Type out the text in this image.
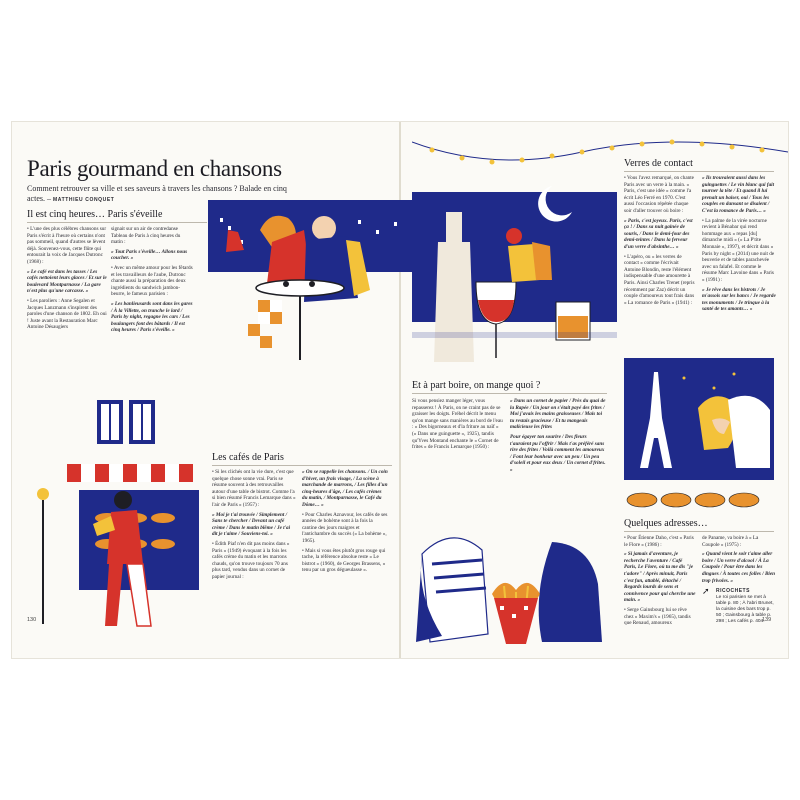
Paris gourmand en chansons
Comment retrouver sa ville et ses saveurs à travers les chansons ? Balade en cinq actes. – MATTHIEU CONQUET
Il est cinq heures… Paris s'éveille

• L'une des plus célèbres chansons sur Paris s'écrit à l'heure où certains n'ont pas sommeil, quand d'autres se lèvent déjà. Souvenez-vous, cette flûte qui entourait la voix de Jacques Dutronc (1968) :

« Le café est dans les tasses / Les cafés nettoient leurs glaces / Et sur le boulevard Montparnasse / La gare n'est plus qu'une carcasse. »

• Les paroliers : Anne Segalen et Jacques Lanzmann s'inspirent des paroles d'une chanson de 1802. Eh oui ! Juste avant la Restauration Marc Antoine Désaugiers

signait sur un air de contredanse Tableau de Paris à cinq heures du matin :

« Tout Paris s'éveille… Allons nous coucher. »

• Avec un même amour pour les fêtards et les travailleurs de l'aube, Dutronc chante aussi la préparation des deux ingrédients du sandwich jambon-beurre, le fameux parisien :

« Les banlieusards sont dans les gares / À la Villette, on tranche le lard / Paris by night, regagne les cars / Les boulangers font des bâtards / Il est cinq heures / Paris s'éveille. »

Les cafés de Paris

• Si les clichés ont la vie dure, c'est que quelque chose sonne vrai. Paris se résume souvent à des retrouvailles autour d'une table de bistrot. Comme l'a si bien résumé Francis Lemarque dans « l'air de Paris » (1957) :

« Moi je t'ai trouvée / Simplement / Sans te chercher / Devant un café crème / Dans le matin blême / Je t'ai dit je t'aime / Souviens-toi. »

• Édith Piaf n'en dit pas moins dans « Paris » (1949) évoquant à la fois les cafés crème du matin et les marrons chauds, qu'on trouve toujours 70 ans plus tard, vendus dans un cornet de papier journal :

« On se rappelle les chansons. / Un coin d'hiver, un frais visage, / La scène à marchande de marrons, / Les filles d'un cinq-heures d'âge, / Les cafés crèmes du matin, / Montparnasse, le Café du Dôme… »

• Pour Charles Aznavour, les cafés de ses années de bohème sont à la fois la cantine des jours maigres et l'antichambre du succès (« La bohème », 1965).

• Mais si vous êtes plutôt gros rouge qui tache, la référence absolue reste « Le bistrot » (1960), de Georges Brassens, « tenu par un gros dégueulasse ».

Et à part boire, on mange quoi ?

Si vous pensiez manger léger, vous repasserez ! À Paris, on ne craint pas de se graisser les doigts. Fréhel décrit le menu qu'on mange sans manières au bord de l'eau : « Des bigorneaux et d'la friture au naïf » (« Dans une guinguette », 1925), tandis qu'Yves Montand enchante le « Cornet de frites » de Francis Lemarque (1950) :

« Dans un cornet de papier / Près du quai de la Rapée / Un jour on s'était payé des frites / Moi j'avais les mains graisseuses / Mais toi tu restais gracieuse / Et tu mangeais malicieuse les frites

Pour égayer ton sourire / Des fleurs t'auraient pu l'offrir / Mais t'as préféré sans rire des frites / Voilà comment les amoureux / Font leur bonheur avec un peu / Un peu d'soleil et pour eux deux / Un cornet d'frites. »

Verres de contact

• Vous l'avez remarqué, on chante Paris avec un verre à la main. « Paris, c'est une idée » comme l'a écrit Léo Ferré en 1970. C'est aussi l'occasion répétée chaque soir d'aller trouver où boire :

« Paris, c'est joyeux. Paris, c'est ça ! / Dans sa nuit gainée de souris, / Dans le demi-four des demi-teintes / Dans la ferveur d'un verre d'absinthe… »

• L'apéro, ou « les verres de contact » comme l'écrivait Antoine Blondin, reste l'élément indispensable d'une amourette à Paris. Ainsi Charles Trenet (repris récemment par Zaz) décrit un couple d'amoureux tout frais dans « La romance de Paris » (1941) :

« Ils trouvaient aussi dans les guinguettes / Le vin blanc qui fait tourner la tête / Et quand il lui prenait un baiser, oui / Tous les couples en dansant se disaient / C'est la romance de Paris… »

• La palme de la virée nocturne revient à Bénabar qui rend hommage aux « repas [du] dimanche midi » (« La P'tite Monnaie », 1997), et décrit dans « Paris by night » (2014) une nuit de beuverie et de tables parachevée avec un falafel. Et comme le résume Marc Lavoine dans « Paris » (1991) :

« Je rêve dans les bistrots / Je m'assois sur les bancs / Je regarde tes monuments / Je trinque à la santé de tes amants… »

Quelques adresses…

• Pour Étienne Daho, c'est « Paris le Flore » (1986) :

« Si jamais d'aventure, je recherche l'aventure / Café Paris, Le Flore, où tu me dis "je t'adore" / Après minuit, Paris c'est fun, attablé, détaché / Regards lourds de sens et connivence pour qui cherche une main. »

• Serge Gainsbourg lui se rêve chez « Maxim's » (1965), tandis que Renaud, amoureux

de Paname, va boire à « La Coupole » (1975) :

« Quand vient le soir t'aime aller boire / Un verre d'alcool / À La Coupole / Pour être dans les dingues / À toutes ces folles / Bien trop frivoles. »

➚ RICOCHETS
Le roi parisien se met à table p. 80 ; À l'abri Brunet, la cuisine des bars trop p. 50 ; Gainsbourg à table p. 298 ; Les cafés p. 404.
130	139
